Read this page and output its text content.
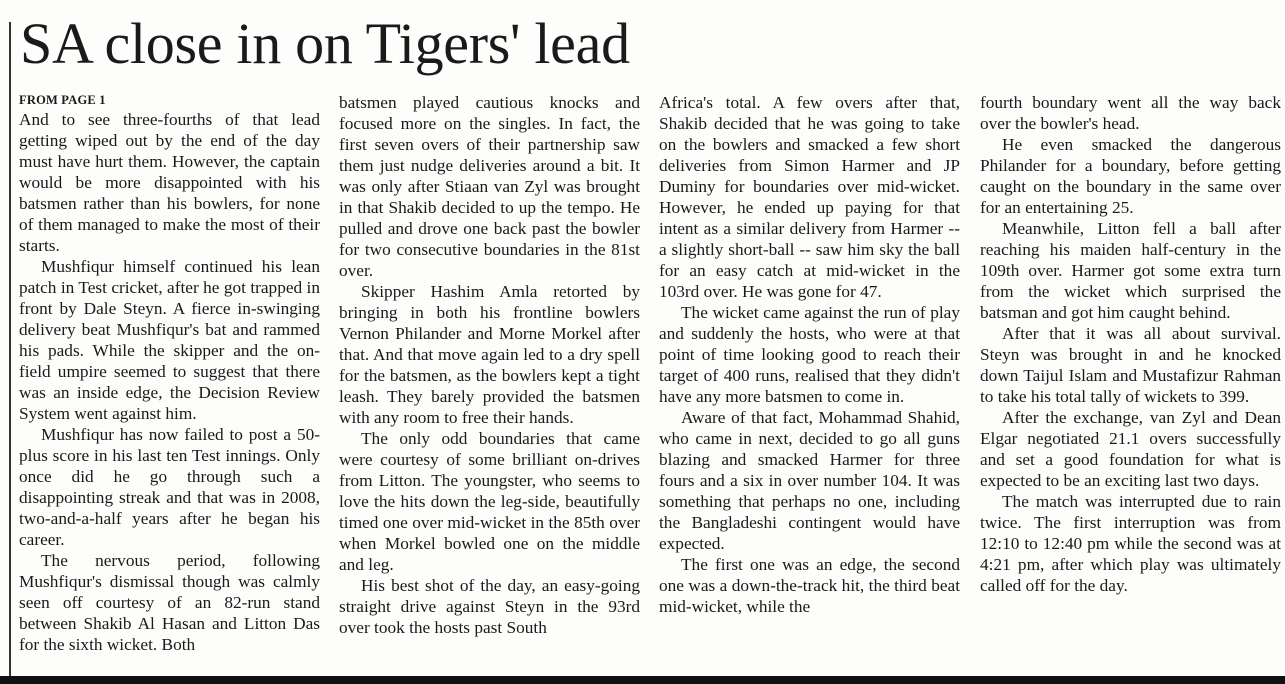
SA close in on Tigers' lead
FROM PAGE 1

And to see three-fourths of that lead getting wiped out by the end of the day must have hurt them. However, the captain would be more disappointed with his batsmen rather than his bowlers, for none of them managed to make the most of their starts.

Mushfiqur himself continued his lean patch in Test cricket, after he got trapped in front by Dale Steyn. A fierce in-swinging delivery beat Mushfiqur's bat and rammed his pads. While the skipper and the on-field umpire seemed to suggest that there was an inside edge, the Decision Review System went against him.

Mushfiqur has now failed to post a 50-plus score in his last ten Test innings. Only once did he go through such a disappointing streak and that was in 2008, two-and-a-half years after he began his career.

The nervous period, following Mushfiqur's dismissal though was calmly seen off courtesy of an 82-run stand between Shakib Al Hasan and Litton Das for the sixth wicket. Both

batsmen played cautious knocks and focused more on the singles. In fact, the first seven overs of their partnership saw them just nudge deliveries around a bit. It was only after Stiaan van Zyl was brought in that Shakib decided to up the tempo. He pulled and drove one back past the bowler for two consecutive boundaries in the 81st over.

Skipper Hashim Amla retorted by bringing in both his frontline bowlers Vernon Philander and Morne Morkel after that. And that move again led to a dry spell for the batsmen, as the bowlers kept a tight leash. They barely provided the batsmen with any room to free their hands.

The only odd boundaries that came were courtesy of some brilliant on-drives from Litton. The youngster, who seems to love the hits down the leg-side, beautifully timed one over mid-wicket in the 85th over when Morkel bowled one on the middle and leg.

His best shot of the day, an easy-going straight drive against Steyn in the 93rd over took the hosts past South

Africa's total. A few overs after that, Shakib decided that he was going to take on the bowlers and smacked a few short deliveries from Simon Harmer and JP Duminy for boundaries over mid-wicket. However, he ended up paying for that intent as a similar delivery from Harmer -- a slightly short-ball -- saw him sky the ball for an easy catch at mid-wicket in the 103rd over. He was gone for 47.

The wicket came against the run of play and suddenly the hosts, who were at that point of time looking good to reach their target of 400 runs, realised that they didn't have any more batsmen to come in.

Aware of that fact, Mohammad Shahid, who came in next, decided to go all guns blazing and smacked Harmer for three fours and a six in over number 104. It was something that perhaps no one, including the Bangladeshi contingent would have expected.

The first one was an edge, the second one was a down-the-track hit, the third beat mid-wicket, while the

fourth boundary went all the way back over the bowler's head.

He even smacked the dangerous Philander for a boundary, before getting caught on the boundary in the same over for an entertaining 25.

Meanwhile, Litton fell a ball after reaching his maiden half-century in the 109th over. Harmer got some extra turn from the wicket which surprised the batsman and got him caught behind.

After that it was all about survival. Steyn was brought in and he knocked down Taijul Islam and Mustafizur Rahman to take his total tally of wickets to 399.

After the exchange, van Zyl and Dean Elgar negotiated 21.1 overs successfully and set a good foundation for what is expected to be an exciting last two days.

The match was interrupted due to rain twice. The first interruption was from 12:10 to 12:40 pm while the second was at 4:21 pm, after which play was ultimately called off for the day.
